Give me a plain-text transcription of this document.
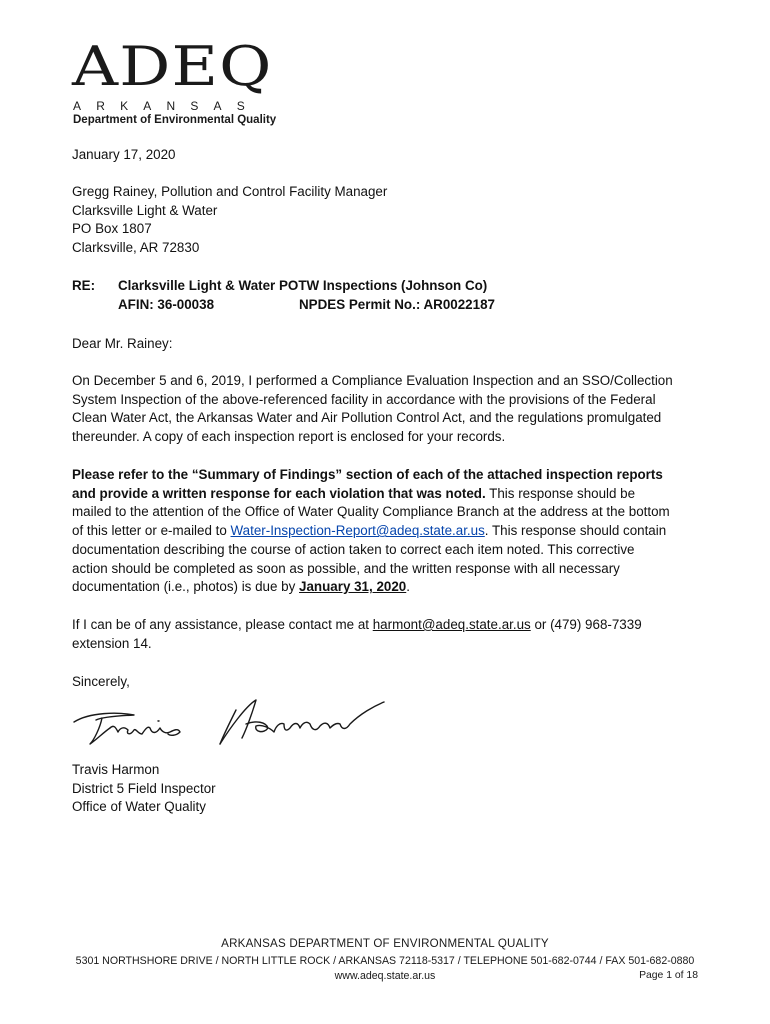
ADEQ
ARKANSAS
Department of Environmental Quality
January 17, 2020
Gregg Rainey, Pollution and Control Facility Manager
Clarksville Light & Water
PO Box 1807
Clarksville, AR 72830
RE: Clarksville Light & Water POTW Inspections (Johnson Co)
AFIN: 36-00038	NPDES Permit No.: AR0022187
Dear Mr. Rainey:
On December 5 and 6, 2019, I performed a Compliance Evaluation Inspection and an SSO/Collection
System Inspection of the above-referenced facility in accordance with the provisions of the Federal
Clean Water Act, the Arkansas Water and Air Pollution Control Act, and the regulations promulgated
thereunder. A copy of each inspection report is enclosed for your records.
Please refer to the “Summary of Findings” section of each of the attached inspection reports
and provide a written response for each violation that was noted. This response should be
mailed to the attention of the Office of Water Quality Compliance Branch at the address at the bottom
of this letter or e-mailed to Water-Inspection-Report@adeq.state.ar.us. This response should contain
documentation describing the course of action taken to correct each item noted. This corrective
action should be completed as soon as possible, and the written response with all necessary
documentation (i.e., photos) is due by January 31, 2020.
If I can be of any assistance, please contact me at harmont@adeq.state.ar.us or (479) 968-7339
extension 14.
Sincerely,
Travis Harmon
District 5 Field Inspector
Office of Water Quality
ARKANSAS DEPARTMENT OF ENVIRONMENTAL QUALITY
5301 NORTHSHORE DRIVE / NORTH LITTLE ROCK / ARKANSAS 72118-5317 / TELEPHONE 501-682-0744 / FAX 501-682-0880
www.adeq.state.ar.us	Page 1 of 18
